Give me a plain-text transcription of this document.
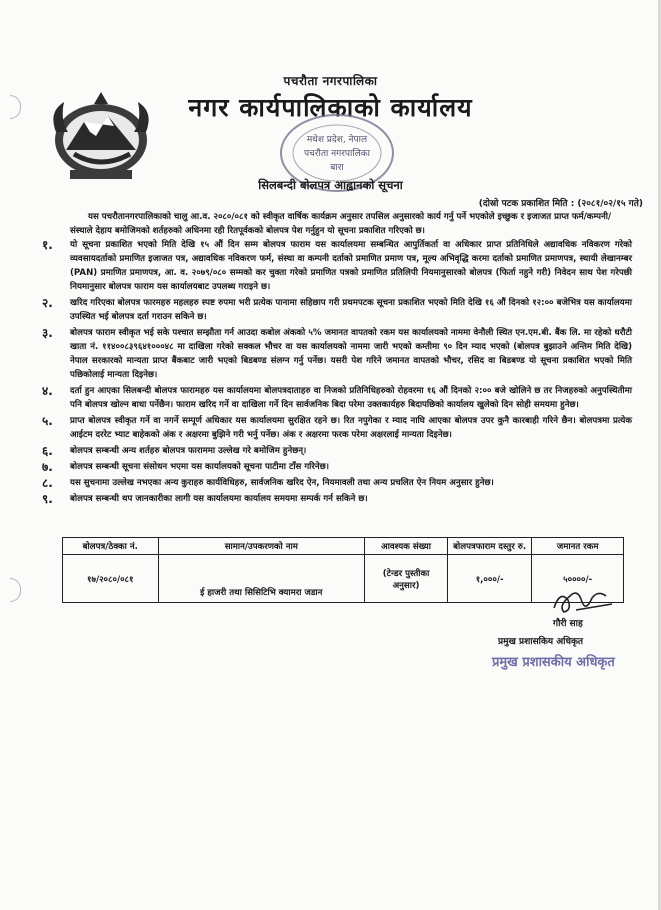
पचरौता नगरपालिका
नगर कार्यपालिकाको कार्यालय
मधेश प्रदेश, नेपाल
पचरौता नगरपालिका
बारा
सिलबन्दी बोलपत्र आह्वानको सूचना
(दोस्रो पटक प्रकाशित मिति : (२०८१/०२/१५ गते)
यस पचरौतानगरपालिकाको चालु आ.व. २०८०/०८१ को स्वीकृत वार्षिक कार्यक्रम अनुसार तपसिल अनुसारको कार्य गर्नु पर्ने भएकोले इच्छुक र इजाजत प्राप्त फर्म/कम्पनी/संस्थाले देहाय बमोजिमको शर्तहरुको अधिनमा रही रितपूर्वकको बोलपत्र पेश गर्नुहुन यो सूचना प्रकाशित गरिएको छ।
१.	यो सूचना प्रकाशित भएको मिति देखि १५ औं दिन सम्म बोलपत्र फाराम यस कार्यालयमा सम्बन्धित आपुर्तिकर्ता वा अधिकार प्राप्त प्रतिनिधिले अद्यावधिक नविकरण गरेको व्यवसायदर्ताको प्रमाणित इजाजत पत्र, अद्यावधिक नविकरण फर्म, संस्था वा कम्पनी दर्ताको प्रमाणित प्रमाण पत्र, मूल्य अभिवृद्धि करमा दर्ताको प्रमाणित प्रमाणपत्र, स्थायी लेखानम्बर (PAN) प्रमाणित प्रमाणपत्र, आ. व. २०७९/०८० सम्मको कर चुक्ता गरेको प्रमाणित पत्रको प्रमाणित प्रतिलिपी नियमानुसारको बोलपत्र (फिर्ता नहुने गरी) निवेदन साथ पेश गरेपछी नियमानुसार बोलपत्र फाराम यस कार्यालयबाट उपलब्ध गराइने छ।
२.	खरिद गरिएका बोलपत्र फारमहरु महलहरु स्पष्ट रुपमा भरी प्रत्येक पानामा सहिछाप गरी प्रथमपटक सूचना प्रकाशित भएको मिति देखि १६ औं दिनको १२:०० बजेभित्र यस कार्यालयमा उपस्थित भई बोलपत्र दर्ता गराउन सकिने छ।
३.	बोलपत्र फाराम स्वीकृत भई सके पश्चात सम्झौता गर्न आउदा कबोल अंकको ५% जमानत वापतको रकम यस कार्यालयको नाममा वेनौली स्थित एन.एम.बी. बैंक लि. मा रहेको धरौटी खाता नं. ११४००८३९६४१०००४८ मा दाखिला गरेको सक्कल भौचर वा यस कार्यालयको नाममा जारी भएको कम्तीमा ९० दिन म्याद भएको (बोलपत्र बुझाउने अन्तिम मिति देखि) नेपाल सरकारको मान्यता प्राप्त बैंकबाट जारी भएको बिडबण्ड संलग्न गर्नु पर्नेछ। यसरी पेश गरिने जमानत वापतको भौचर, रसिद वा बिडबण्ड यो सूचना प्रकाशित भएको मिति पछिकोलाई मान्यता दिइनेछ।
४.	दर्ता हुन आएका सिलबन्दी बोलपत्र फारामहरु यस कार्यालयमा बोलपत्रदाताहरु वा निजको प्रतिनिधिहरुको रोहवरमा १६ औं दिनको २:०० बजे खोलिने छ तर निजहरुको अनुपस्थितीमा पनि बोलपत्र खोल्न बाधा पर्नेछैन। फाराम खरिद गर्ने वा दाखिला गर्ने दिन सार्वजनिक बिदा परेमा उक्तकार्यहरु बिदापछिको कार्यालय खुलेको दिन सोही समयमा हुनेछ।
५.	प्राप्त बोलपत्र स्वीकृत गर्ने वा नगर्ने सम्पूर्ण अधिकार यस कार्यालयमा सुरक्षित रहने छ। रित नपुगेका र म्याद नाघि आएका बोलपत्र उपर कुनै कारबाही गरिने छैन। बोलपत्रमा प्रत्येक आईटम दररेट भ्याट बाहेकको अंक र अक्षरमा बुझिने गरी भर्नु पर्नेछ। अंक र अक्षरमा फरक परेमा अक्षरलाई मान्यता दिइनेछ।
६.	बोलपत्र सम्बन्धी अन्य शर्तहरु बोलपत्र फाराममा उल्लेख गरे बमोजिम हुनेछन्।
७.	बोलपत्र सम्बन्धी सूचना संसोधन भएमा यस कार्यालयको सूचना पाटीमा टाँस गरिनेछ।
८.	यस सुचनामा उल्लेख नभएका अन्य कुराहरु कार्यविधिहरु, सार्वजनिक खरिद ऐन, नियमावली तथा अन्य प्रचलित ऐन नियम अनुसार हुनेछ।
९.	बोलपत्र सम्बन्धी थप जानकारीका लागी यस कार्यालयमा कार्यालय समयमा सम्पर्क गर्न सकिने छ।
बोलपत्र/ठेक्का नं.	सामान/उपकरणको नाम	आवश्यक संख्या	बोलपत्रफाराम दस्तुर रु.	जमानत रकम
१७/२०८०/०८१	ई हाजरी तथा सिसिटिभि क्यामरा जडान	(टेन्डर पुस्तीका अनुसार)	१,०००/-	५००००/-
गौरी साह
प्रमुख प्रशासकिय अधिकृत
प्रमुख प्रशासकीय अधिकृत
